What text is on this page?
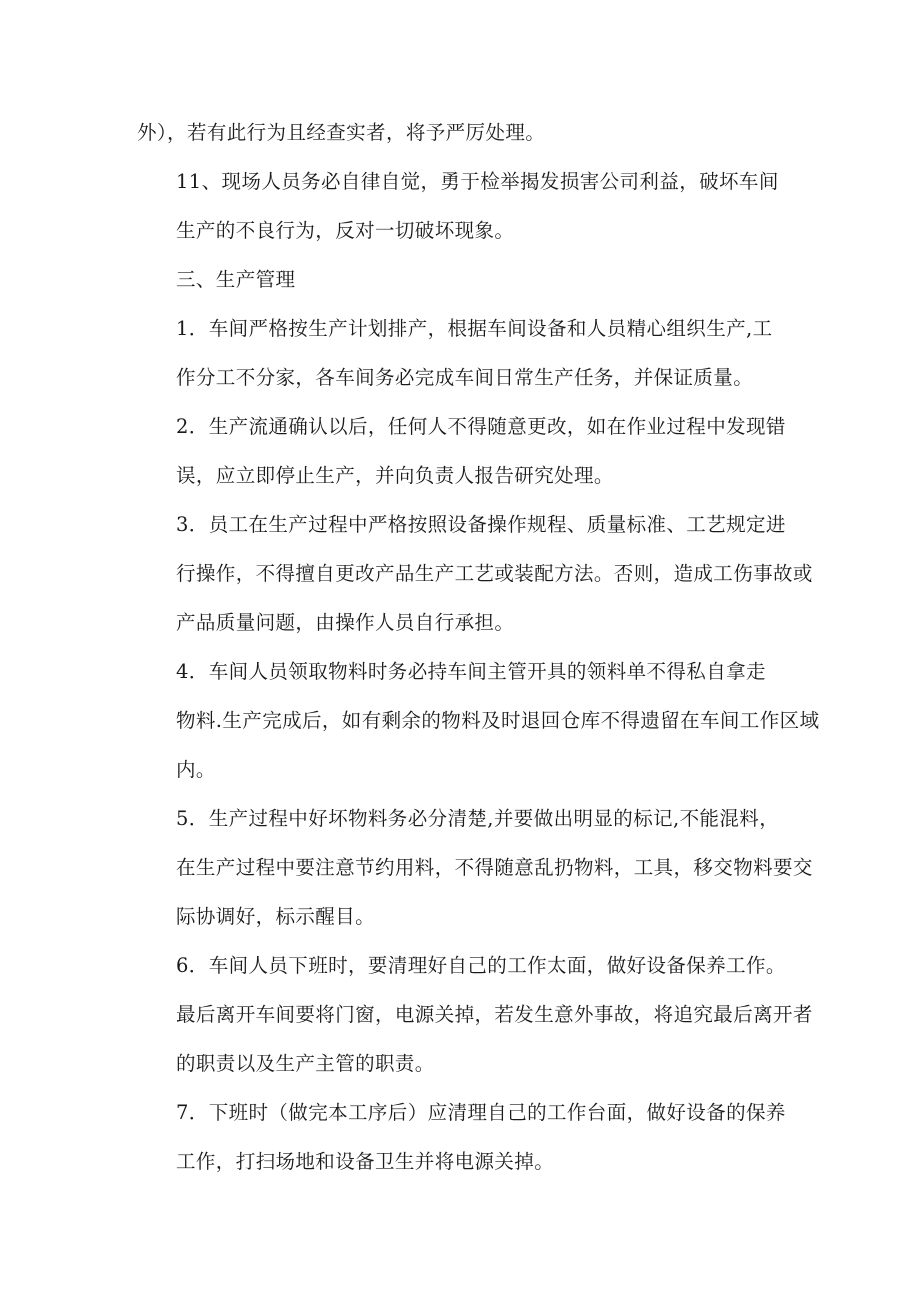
外），若有此行为且经查实者，将予严厉处理。

11、现场人员务必自律自觉，勇于检举揭发损害公司利益，破坏车间
生产的不良行为，反对一切破坏现象。

三、生产管理

1．车间严格按生产计划排产，根据车间设备和人员精心组织生产,工
作分工不分家，各车间务必完成车间日常生产任务，并保证质量。

2．生产流通确认以后，任何人不得随意更改，如在作业过程中发现错
误，应立即停止生产，并向负责人报告研究处理。

3．员工在生产过程中严格按照设备操作规程、质量标准、工艺规定进
行操作，不得擅自更改产品生产工艺或装配方法。否则，造成工伤事故或
产品质量问题，由操作人员自行承担。

4．车间人员领取物料时务必持车间主管开具的领料单不得私自拿走
物料.生产完成后，如有剩余的物料及时退回仓库不得遗留在车间工作区域
内。

5．生产过程中好坏物料务必分清楚,并要做出明显的标记,不能混料，
在生产过程中要注意节约用料，不得随意乱扔物料，工具，移交物料要交
际协调好，标示醒目。

6．车间人员下班时，要清理好自己的工作太面，做好设备保养工作。
最后离开车间要将门窗，电源关掉，若发生意外事故，将追究最后离开者
的职责以及生产主管的职责。

7．下班时（做完本工序后）应清理自己的工作台面，做好设备的保养
工作，打扫场地和设备卫生并将电源关掉。
